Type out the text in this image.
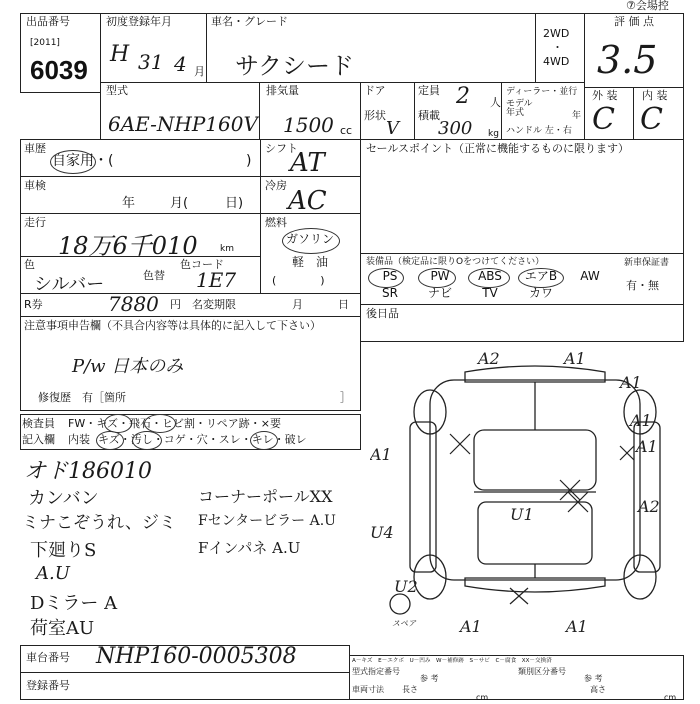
出品番号
[2011]
6039
初度登録年月
H 31 4 月
車名・グレード
サクシード
2WD
・
4WD
評 価 点
3.5
⑦会場控
型式
6AE-NHP160V
排気量
1500 cc
ドア
形状
V
定員 2 人
積載
300 kg
ディーラー・並行
モデル
年式	年
ハンドル 左・右
外 装
C
内 装
C
車歴
自家用・(	)
シフト
AT
車検
年	月(	日)
冷房
AC
走行
18万6千010 km
燃料
ガソリン
軽　油
(　　　　)
色
シルバー	色替
色コード
1E7
R券	7880 円 名変期限	月	日
セールスポイント（正常に機能するものに限ります）
装備品（検定品に限りOをつけてください）	新車保証書
有・無
PS	PW	ABS	エアB	AW
SR	ナビ	TV	カワ
後日品
注意事項申告欄（不具合内容等は具体的に記入して下さい）
P/w 日本のみ
修復歴　有［箇所	］
検査員
記入欄
FW・キズ・飛石・ヒビ割・リペア跡・×要
内装 キズ・汚し・コゲ・穴・スレ・キレ・破レ
オド186010
カンバン
ミナこぞうれ、ジミ
下廻りS
A.U
Dミラー A
荷室AU
コーナーポールXX
Fセンタービラー A.U
Fインパネ A.U
A2	A1
A1
A1
A1
A1
A2
U1
U4
U2
A1	A1
スペア
車台番号 NHP160-0005308
登録番号
A－キズ　E－エクボ　U－凹み　W－補修跡　S－サビ　C－腐食　XX－交換済
型式指定番号
参 考
類別区分番号
参 考
車両寸法 長さ
cm
高さ
cm
